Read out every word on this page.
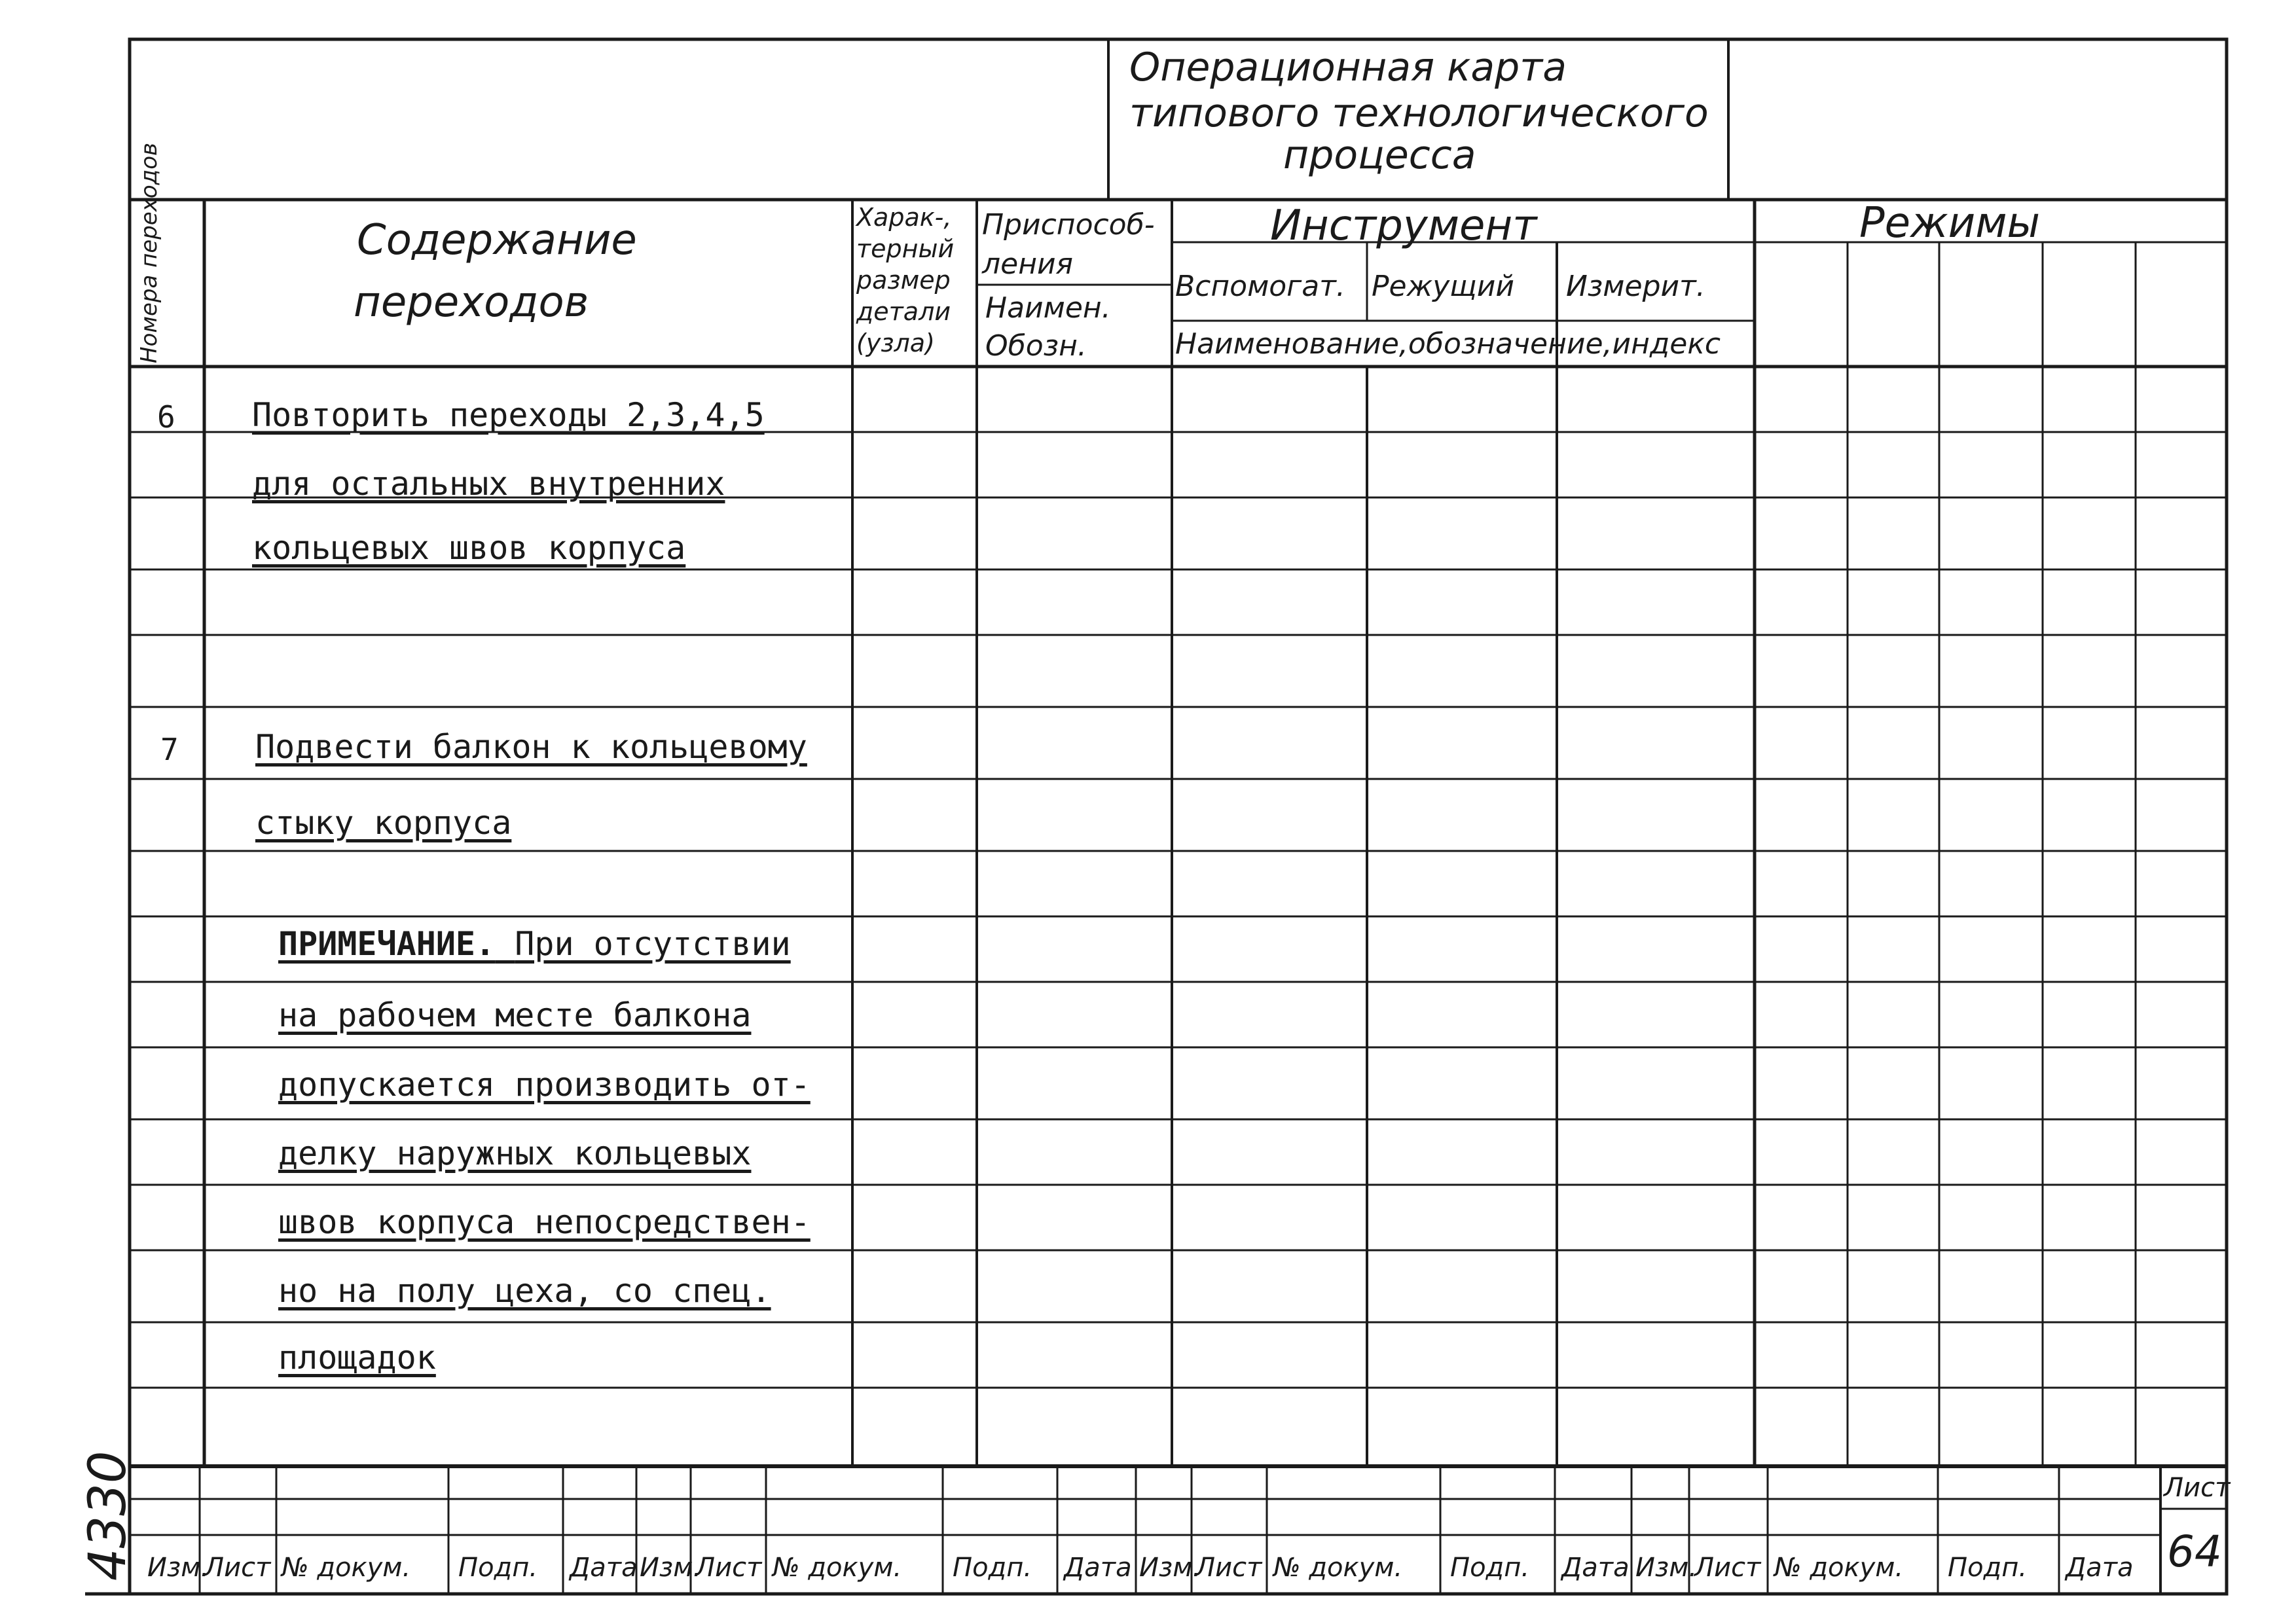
Операционная карта
типового технологического
процесса
Номера переходов	Содержание
переходов
Харак-,
терный
размер
детали
(узла)
Приспособ-
ления
Наимен.
Обозн.
Инструмент
Вспомогат. Режущий Измерит.
Наименование,обозначение,индекс
Режимы
6 Повторить переходы 2,3,4,5
для остальных внутренних
кольцевых швов корпуса
7 Подвести балкон к кольцевому
стыку корпуса
ПРИМЕЧАНИЕ. При отсутствии
на рабочем месте балкона
допускается производить от-
делку наружных кольцевых
швов корпуса непосредствен-
но на полу цеха, со спец.
площадок
Изм.
Лист № докум. Подп. Дата Изм.
Лист № докум. Подп. Дата Изм.
Лист № докум. Подп. Дата Изм.
Лист № докум. Подп. Дата
Лист
64
4330
